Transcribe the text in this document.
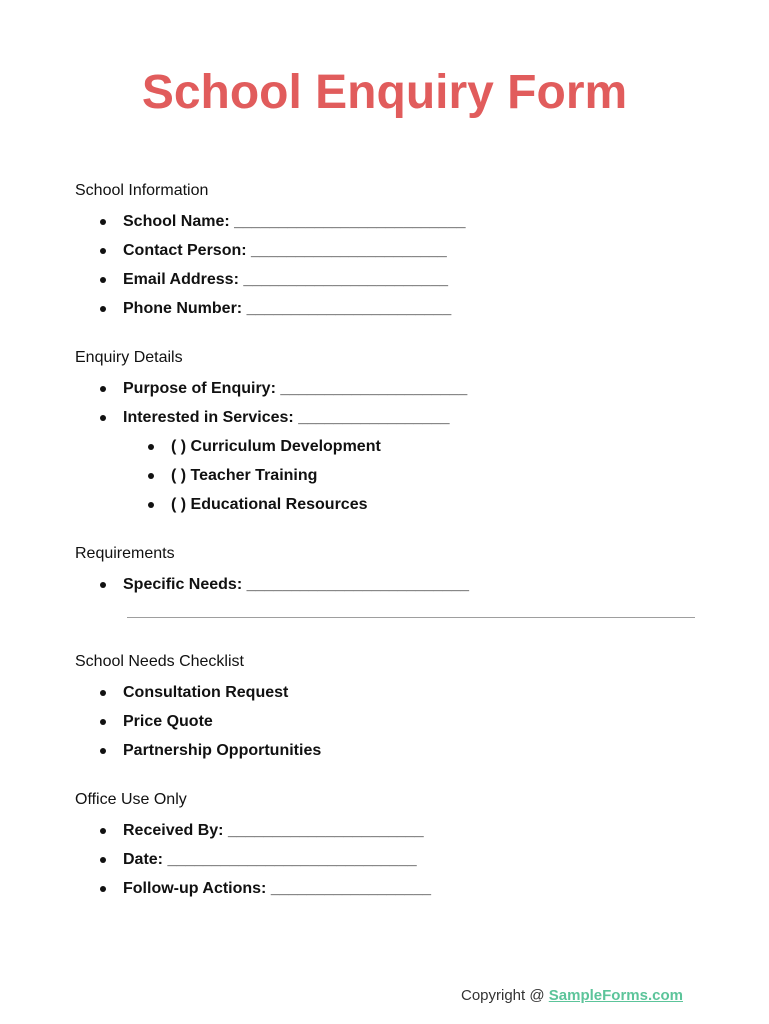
School Enquiry Form
School Information
School Name: __________________________
Contact Person: ______________________
Email Address: _______________________
Phone Number: _______________________
Enquiry Details
Purpose of Enquiry: _____________________
Interested in Services: _________________
( ) Curriculum Development
( ) Teacher Training
( ) Educational Resources
Requirements
Specific Needs: _________________________
School Needs Checklist
Consultation Request
Price Quote
Partnership Opportunities
Office Use Only
Received By: ______________________
Date: ____________________________
Follow-up Actions: __________________
Copyright @ SampleForms.com
